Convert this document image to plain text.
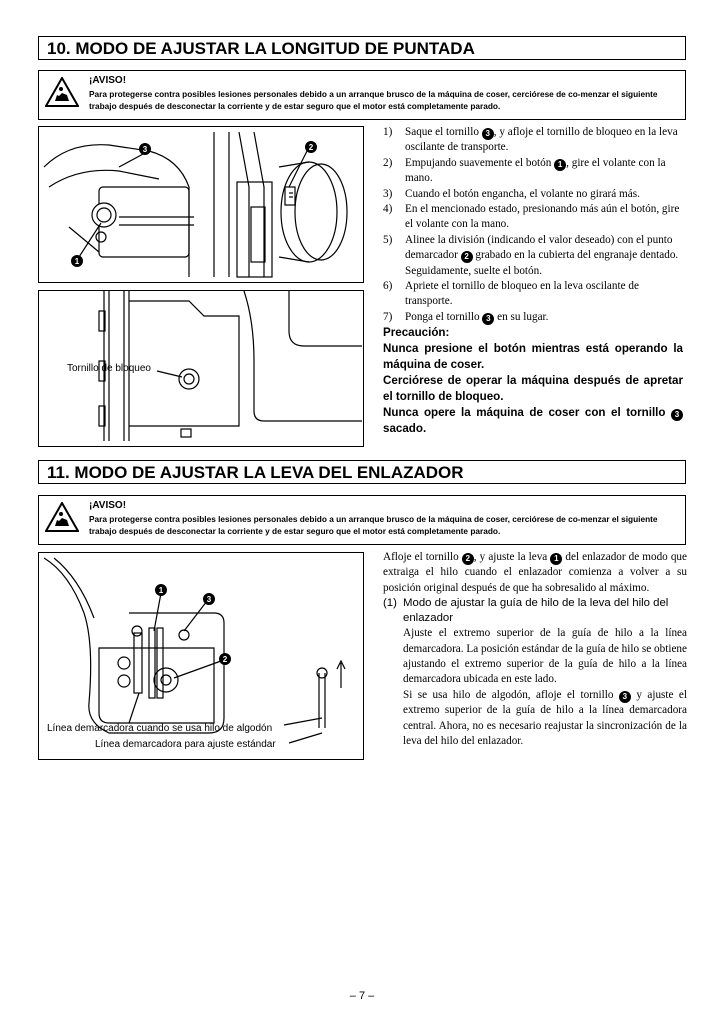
10. MODO DE AJUSTAR LA LONGITUD DE PUNTADA
¡AVISO!
Para protegerse contra posibles lesiones personales debido a un arranque brusco de la máquina de coser, cerciórese de co-menzar el siguiente trabajo después de desconectar la corriente y de estar seguro que el motor está completamente parado.
3	2
1
Tornillo de bloqueo
1) Saque el tornillo 3 , y afloje el tornillo de bloqueo en la leva oscilante de transporte.
2) Empujando suavemente el botón 1 , gire el volante con la mano.
3) Cuando el botón engancha, el volante no girará más.
4) En el mencionado estado, presionando más aún el botón, gire el volante con la mano.
5) Alinee la división (indicando el valor deseado) con el punto demarcador 2 grabado en la cubierta del engranaje dentado. Seguidamente, suelte el botón.
6) Apriete el tornillo de bloqueo en la leva oscilante de transporte.
7) Ponga el tornillo 3 en su lugar.
Precaución:
Nunca presione el botón mientras está operando la máquina de coser.
Cerciórese de operar la máquina después de apretar el tornillo de bloqueo.
Nunca opere la máquina de coser con el tornillo 3 sacado.
11. MODO DE AJUSTAR LA LEVA DEL ENLAZADOR
¡AVISO!
Para protegerse contra posibles lesiones personales debido a un arranque brusco de la máquina de coser, cerciórese de co-menzar el siguiente trabajo después de desconectar la corriente y de estar seguro que el motor está completamente parado.
1
3
2
Línea demarcadora cuando se usa hilo de algodón
Línea demarcadora para ajuste estándar
Afloje el tornillo 2 , y ajuste la leva 1 del enlazador de modo que extraiga el hilo cuando el enlazador comienza a volver a su posición original después de que ha sobresalido al máximo.
(1) Modo de ajustar la guía de hilo de la leva del hilo del enlazador
Ajuste el extremo superior de la guía de hilo a la línea demarcadora. La posición estándar de la guía de hilo se obtiene ajustando el extremo superior de la guía de hilo a la línea demarcadora ubicada en este lado.
Si se usa hilo de algodón, afloje el tornillo 3 y ajuste el extremo superior de la guía de hilo a la línea demarcadora central. Ahora, no es necesario reajustar la sincronización de la leva del hilo del enlazador.
– 7 –
